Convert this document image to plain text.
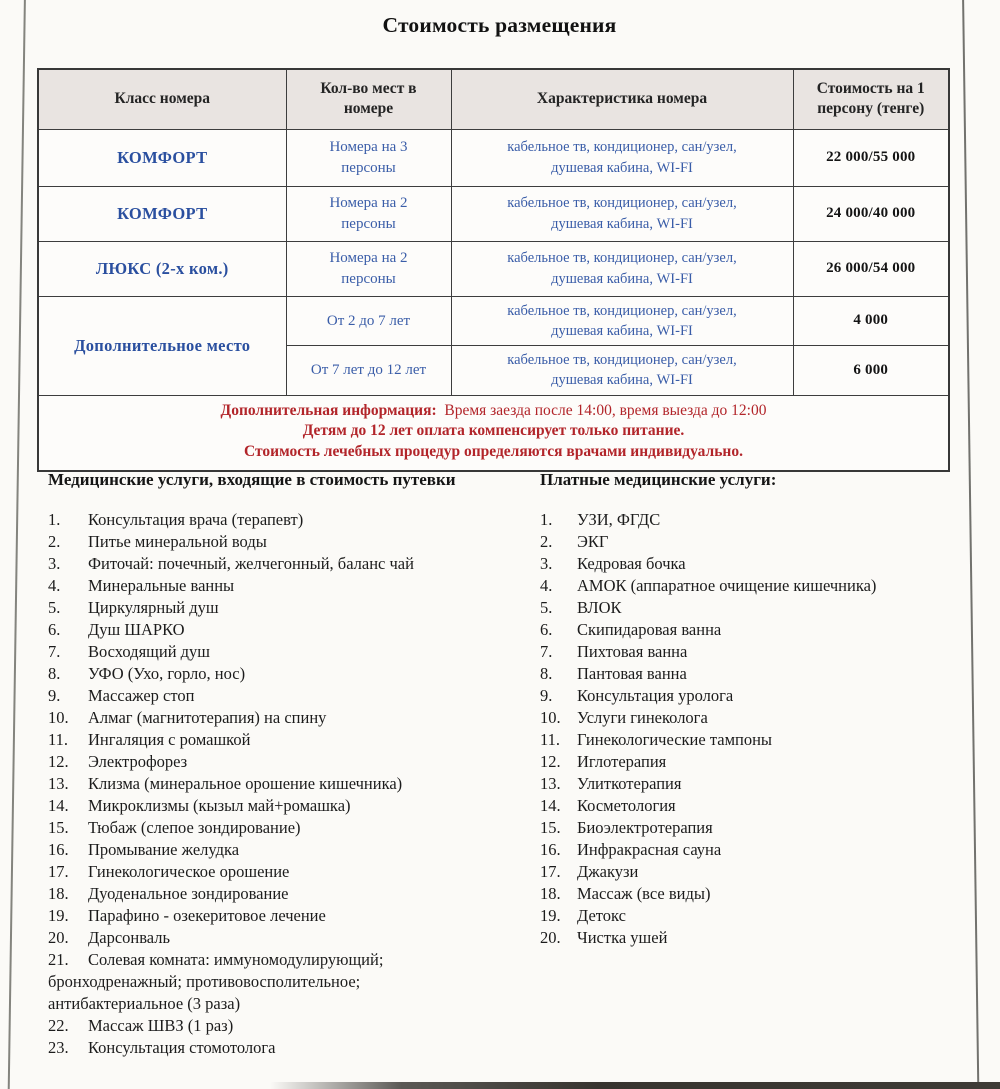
Стоимость размещения
Класс номера	Кол-во мест в номере	Характеристика номера	Стоимость на 1 персону (тенге)
КОМФОРТ	Номера на 3 персоны	кабельное тв, кондиционер, сан/узел, душевая кабина, WI-FI	22 000/55 000
КОМФОРТ	Номера на 2 персоны	кабельное тв, кондиционер, сан/узел, душевая кабина, WI-FI	24 000/40 000
ЛЮКС (2-х ком.)	Номера на 2 персоны	кабельное тв, кондиционер, сан/узел, душевая кабина, WI-FI	26 000/54 000
Дополнительное место	От 2 до 7 лет	кабельное тв, кондиционер, сан/узел, душевая кабина, WI-FI	4 000
	От 7 лет до 12 лет	кабельное тв, кондиционер, сан/узел, душевая кабина, WI-FI	6 000

Дополнительная информация: Время заезда после 14:00, время выезда до 12:00
Детям до 12 лет оплата компенсирует только питание.
Стоимость лечебных процедур определяются врачами индивидуально.			
Медицинские услуги, входящие в стоимость путевки	Платные медицинские услуги:
1. Консультация врача (терапевт)
2. Питье минеральной воды
3. Фиточай: почечный, желчегонный, баланс чай
4. Минеральные ванны
5. Циркулярный душ
6. Душ ШАРКО
7. Восходящий душ
8. УФО (Ухо, горло, нос)
9. Массажер стоп
10. Алмаг (магнитотерапия) на спину
11. Ингаляция с ромашкой
12. Электрофорез
13. Клизма (минеральное орошение кишечника)
14. Микроклизмы (кызыл май+ромашка)
15. Тюбаж (слепое зондирование)
16. Промывание желудка
17. Гинекологическое орошение
18. Дуоденальное зондирование
19. Парафино - озекеритовое лечение
20. Дарсонваль
21. Солевая комната: иммуномодулирующий;
бронходренажный; противовосполительное;
антибактериальное (3 раза)
22. Массаж ШВЗ (1 раз)
23. Консультация стомотолога
1. УЗИ, ФГДС
2. ЭКГ
3. Кедровая бочка
4. АМОК (аппаратное очищение кишечника)
5. ВЛОК
6. Скипидаровая ванна
7. Пихтовая ванна
8. Пантовая ванна
9. Консультация уролога
10. Услуги гинеколога
11. Гинекологические тампоны
12. Иглотерапия
13. Улиткотерапия
14. Косметология
15. Биоэлектротерапия
16. Инфракрасная сауна
17. Джакузи
18. Массаж (все виды)
19. Детокс
20. Чистка ушей
